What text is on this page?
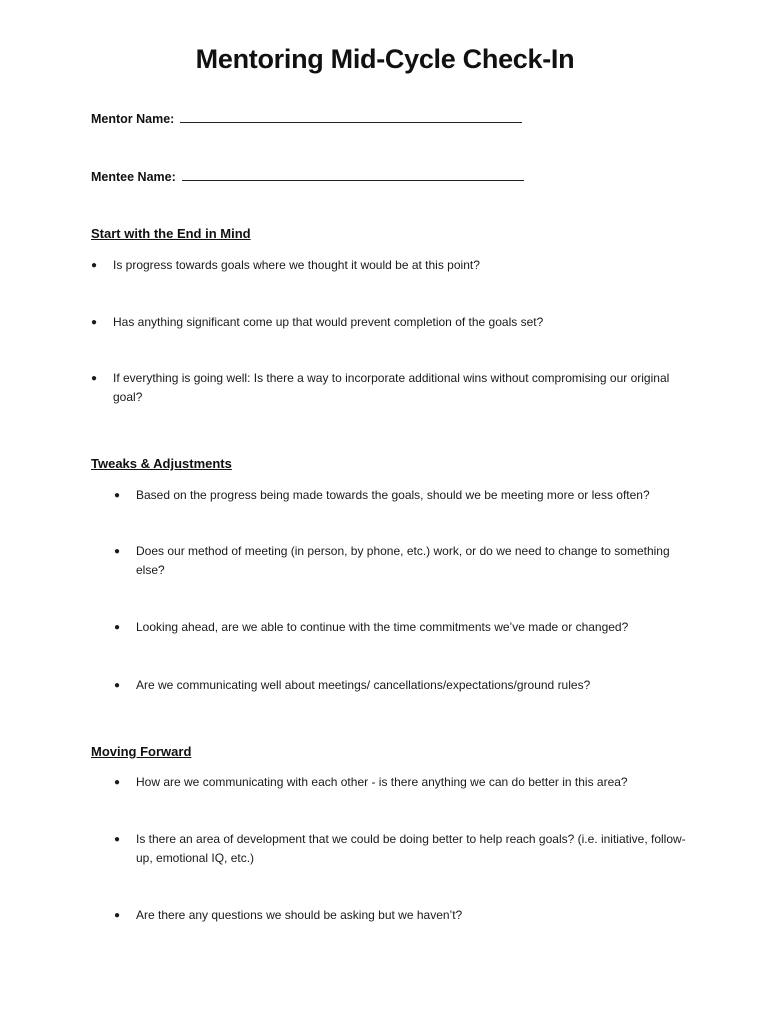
Mentoring Mid-Cycle Check-In
Mentor Name:
Mentee Name:
Start with the End in Mind
● Is progress towards goals where we thought it would be at this point?
● Has anything significant come up that would prevent completion of the goals set?
● If everything is going well: Is there a way to incorporate additional wins without compromising our original goal?
Tweaks & Adjustments
● Based on the progress being made towards the goals, should we be meeting more or less often?
● Does our method of meeting (in person, by phone, etc.) work, or do we need to change to something else?
● Looking ahead, are we able to continue with the time commitments we’ve made or changed?
● Are we communicating well about meetings/ cancellations/expectations/ground rules?
Moving Forward
● How are we communicating with each other - is there anything we can do better in this area?
● Is there an area of development that we could be doing better to help reach goals? (i.e. initiative, follow-up, emotional IQ, etc.)
● Are there any questions we should be asking but we haven’t?
